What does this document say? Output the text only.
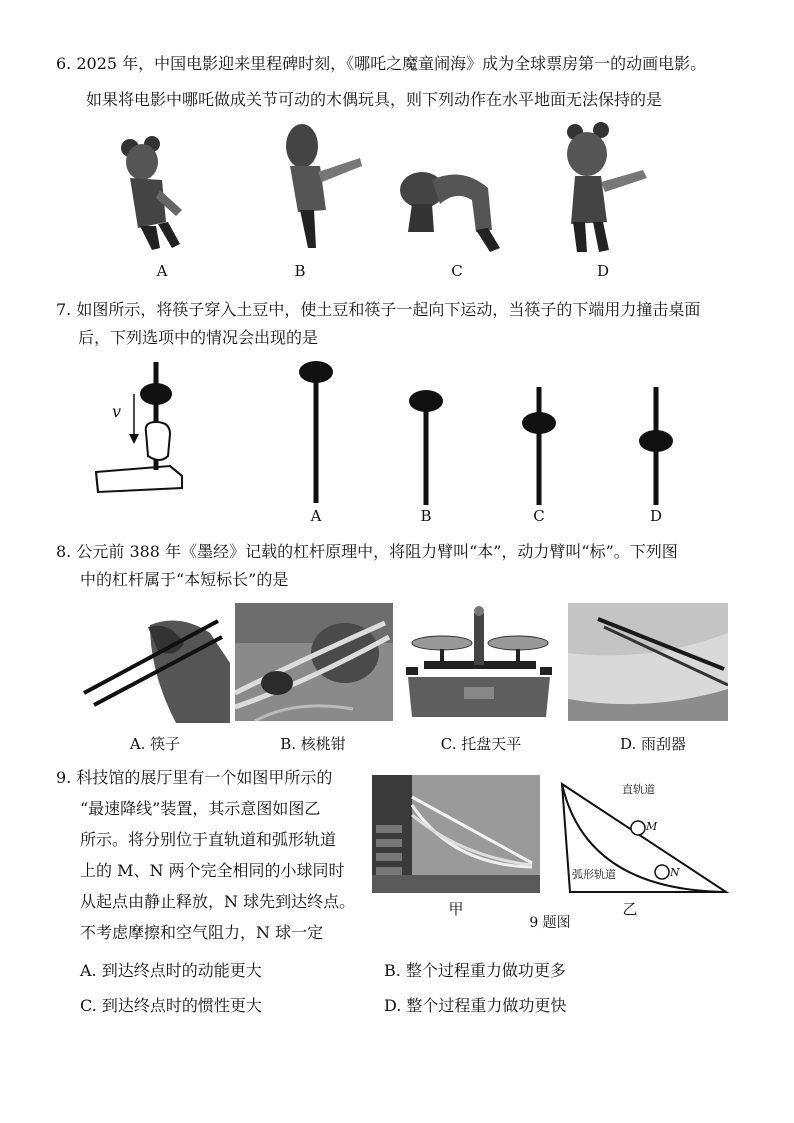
6. 2025 年，中国电影迎来里程碑时刻，《哪吒之魔童闹海》成为全球票房第一的动画电影。
如果将电影中哪吒做成关节可动的木偶玩具，则下列动作在水平地面无法保持的是
A	B	C	D
7. 如图所示，将筷子穿入土豆中，使土豆和筷子一起向下运动，当筷子的下端用力撞击桌面
后，下列选项中的情况会出现的是
v
A	B	C	D
8. 公元前 388 年《墨经》记载的杠杆原理中，将阻力臂叫“本”，动力臂叫“标”。下列图
中的杠杆属于“本短标长”的是
A. 筷子	B. 核桃钳	C. 托盘天平	D. 雨刮器
9. 科技馆的展厅里有一个如图甲所示的
“最速降线”装置，其示意图如图乙
所示。将分别位于直轨道和弧形轨道
上的 M、N 两个完全相同的小球同时
从起点由静止释放，N 球先到达终点。
不考虑摩擦和空气阻力，N 球一定
直轨道
弧形轨道
M
N
甲
9 题图
乙
A. 到达终点时的动能更大	B. 整个过程重力做功更多
C. 到达终点时的惯性更大	D. 整个过程重力做功更快
